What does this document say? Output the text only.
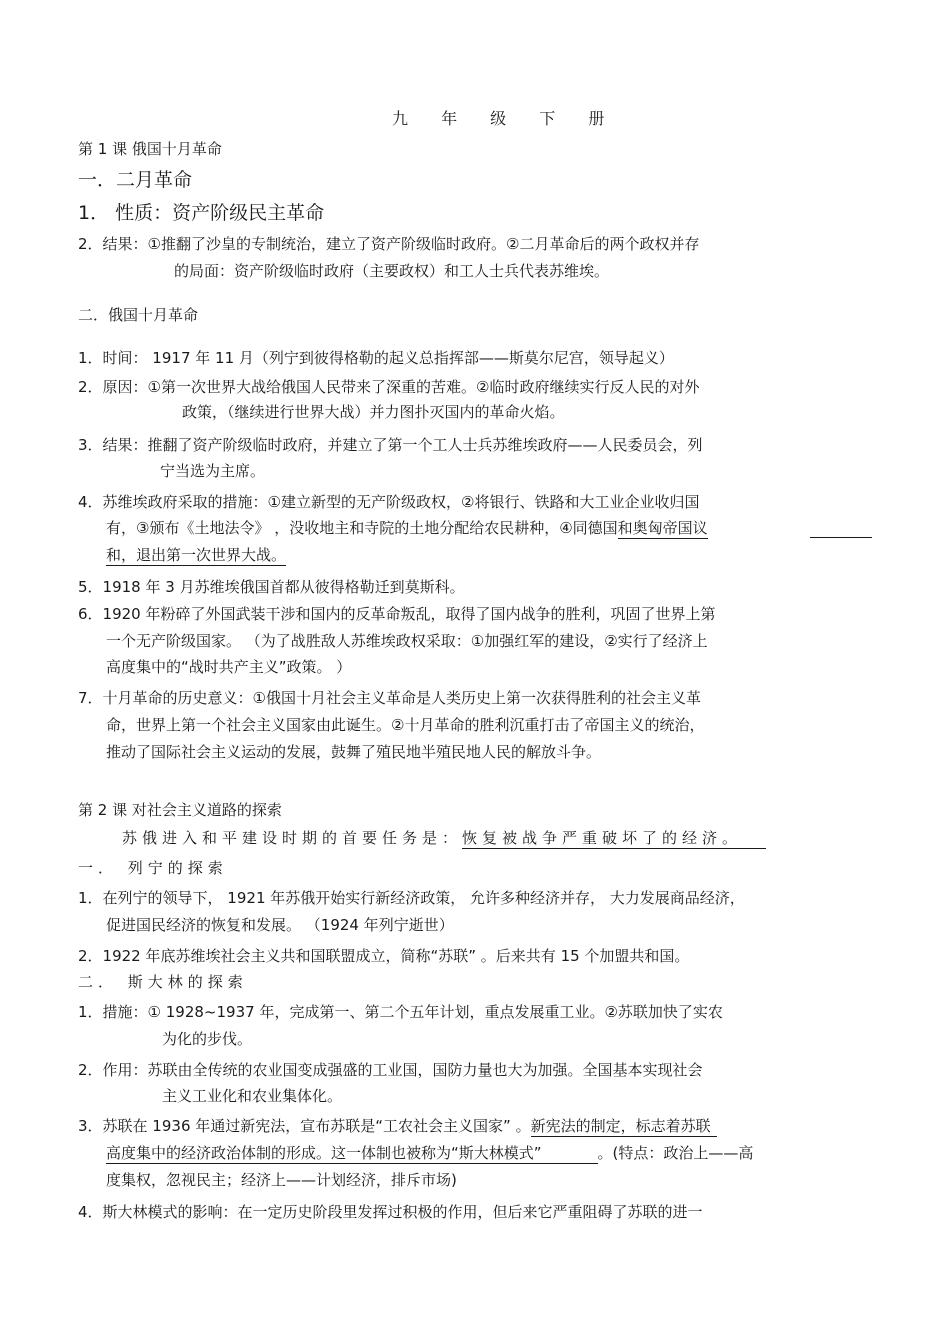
九 年 级 下 册
第 1 课 俄国十月革命
一．二月革命
1． 性质：资产阶级民主革命
2．结果：①推翻了沙皇的专制统治，建立了资产阶级临时政府。②二月革命后的两个政权并存
的局面：资产阶级临时政府（主要政权）和工人士兵代表苏维埃。
二．俄国十月革命
1．时间： 1917 年 11 月（列宁到彼得格勒的起义总指挥部——斯莫尔尼宫，领导起义）
2．原因：①第一次世界大战给俄国人民带来了深重的苦难。②临时政府继续实行反人民的对外
政策，（继续进行世界大战）并力图扑灭国内的革命火焰。
3．结果：推翻了资产阶级临时政府，并建立了第一个工人士兵苏维埃政府——人民委员会，列
宁当选为主席。
4．苏维埃政府采取的措施：①建立新型的无产阶级政权，②将银行、铁路和大工业企业收归国
有，③颁布《土地法令》 ，没收地主和寺院的土地分配给农民耕种，④同德国和奥匈帝国议
和，退出第一次世界大战。
5．1918 年 3 月苏维埃俄国首都从彼得格勒迁到莫斯科。
6．1920 年粉碎了外国武装干涉和国内的反革命叛乱，取得了国内战争的胜利，巩固了世界上第
一个无产阶级国家。 （为了战胜敌人苏维埃政权采取：①加强红军的建设，②实行了经济上
高度集中的“战时共产主义”政策。 ）
7．十月革命的历史意义：①俄国十月社会主义革命是人类历史上第一次获得胜利的社会主义革
命，世界上第一个社会主义国家由此诞生。②十月革命的胜利沉重打击了帝国主义的统治，
推动了国际社会主义运动的发展，鼓舞了殖民地半殖民地人民的解放斗争。
第 2 课 对社会主义道路的探索
苏俄进入和平建设时期的首要任务是：恢复被战争严重破坏了的经济。
一． 列宁的探索
1．在列宁的领导下， 1921 年苏俄开始实行新经济政策， 允许多种经济并存， 大力发展商品经济，
促进国民经济的恢复和发展。 （1924 年列宁逝世）
2．1922 年底苏维埃社会主义共和国联盟成立，简称“苏联” 。后来共有 15 个加盟共和国。
二． 斯大林的探索
1．措施：① 1928~1937 年，完成第一、第二个五年计划，重点发展重工业。②苏联加快了实农
为化的步伐。
2．作用：苏联由全传统的农业国变成强盛的工业国，国防力量也大为加强。全国基本实现社会
主义工业化和农业集体化。
3．苏联在 1936 年通过新宪法，宣布苏联是“工农社会主义国家” 。新宪法的制定，标志着苏联
高度集中的经济政治体制的形成。这一体制也被称为“斯大林模式”	。(特点：政治上——高
度集权，忽视民主；经济上——计划经济，排斥市场)
4．斯大林模式的影响：在一定历史阶段里发挥过积极的作用，但后来它严重阻碍了苏联的进一
